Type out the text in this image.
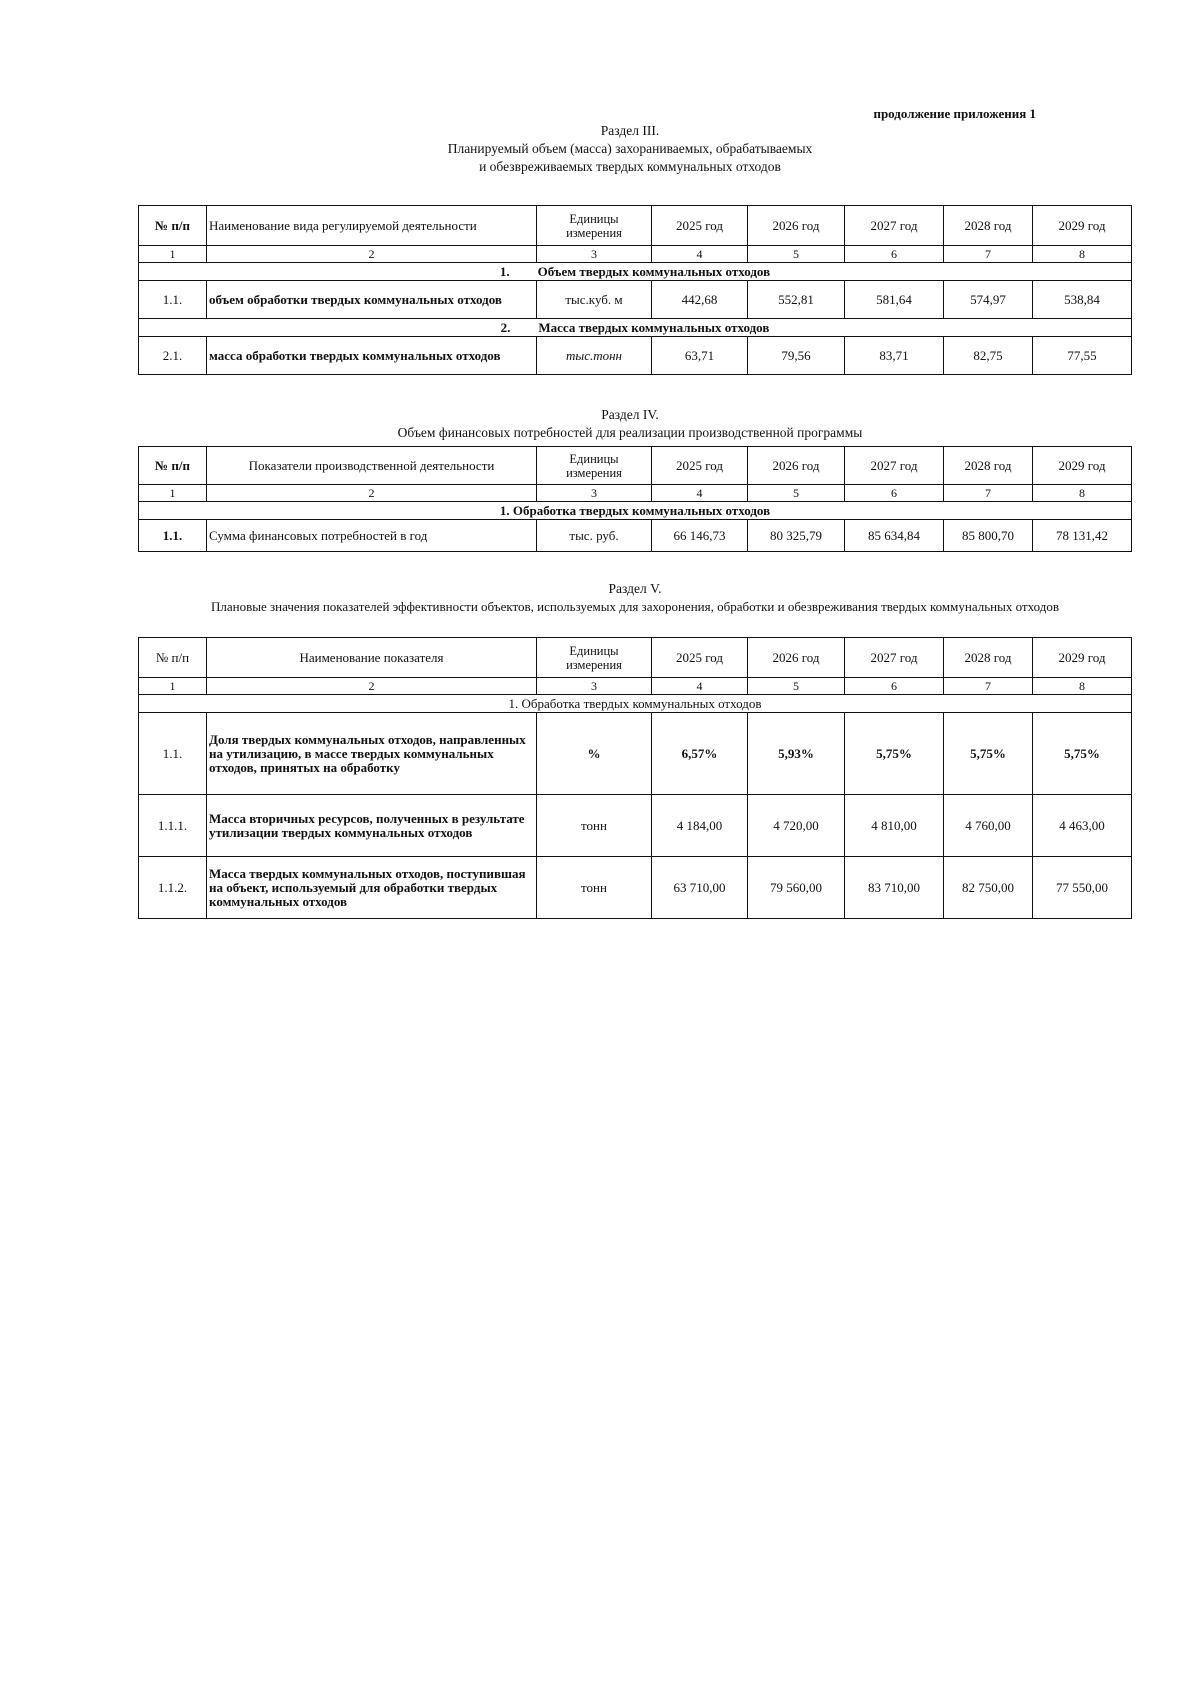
продолжение приложения 1
Раздел III.
Планируемый объем (масса) захораниваемых, обрабатываемых
и обезвреживаемых твердых коммунальных отходов
№ п/п	Наименование вида регулируемой деятельности	Единицы измерения	2025 год	2026 год	2027 год	2028 год	2029 год
1	2	3	4	5	6	7	8
1. Объем твердых коммунальных отходов							
1.1.	объем обработки твердых коммунальных отходов	тыс.куб. м	442,68	552,81	581,64	574,97	538,84
2. Масса твердых коммунальных отходов							
2.1.	масса обработки твердых коммунальных отходов	тыс.тонн	63,71	79,56	83,71	82,75	77,55
Раздел IV.
Объем финансовых потребностей для реализации производственной программы
№ п/п	Показатели производственной деятельности	Единицы измерения	2025 год	2026 год	2027 год	2028 год	2029 год
1	2	3	4	5	6	7	8
1. Обработка твердых коммунальных отходов							
1.1.	Сумма финансовых потребностей в год	тыс. руб.	66 146,73	80 325,79	85 634,84	85 800,70	78 131,42
Раздел V.
Плановые значения показателей эффективности объектов, используемых для захоронения, обработки и обезвреживания твердых коммунальных отходов
№ п/п	Наименование показателя	Единицы измерения	2025 год	2026 год	2027 год	2028 год	2029 год
1	2	3	4	5	6	7	8
1. Обработка твердых коммунальных отходов							
1.1.	Доля твердых коммунальных отходов, направленных на утилизацию, в массе твердых коммунальных отходов, принятых на обработку	%	6,57%	5,93%	5,75%	5,75%	5,75%
1.1.1.	Масса вторичных ресурсов, полученных в результате утилизации твердых коммунальных отходов	тонн	4 184,00	4 720,00	4 810,00	4 760,00	4 463,00
1.1.2.	Масса твердых коммунальных отходов, поступившая на объект, используемый для обработки твердых коммунальных отходов	тонн	63 710,00	79 560,00	83 710,00	82 750,00	77 550,00
